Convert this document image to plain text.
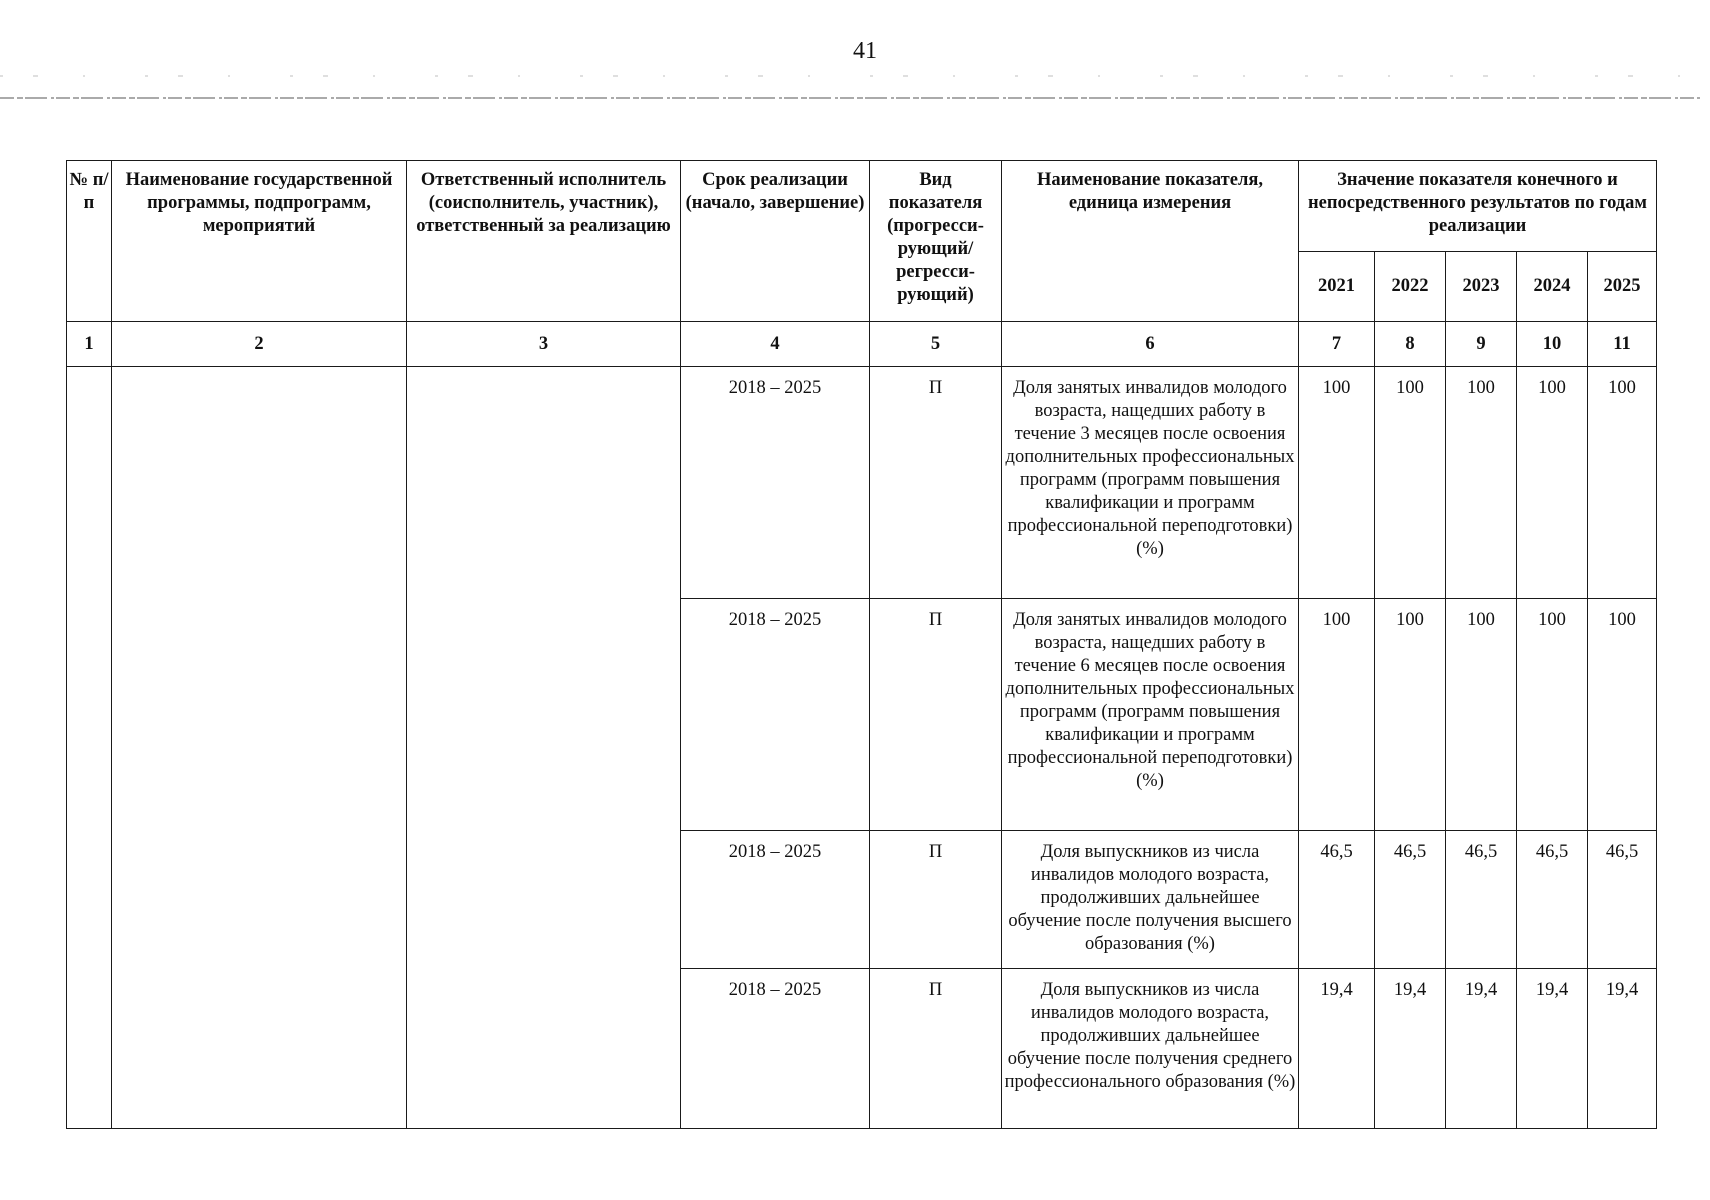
41
№ п/п	Наименование государственной программы, подпрограмм, мероприятий	Ответственный исполнитель (соисполнитель, участник), ответственный за реализацию	Срок реализации (начало, завершение)	Вид показателя (прогресси-рующий/ регресси-рующий)	Наименование показателя, единица измерения	Значение показателя конечного и непосредственного результатов по годам реализации				
						2021	2022	2023	2024	2025
1	2	3	4	5	6	7	8	9	10	11
			2018 – 2025	П	Доля занятых инвалидов молодого возраста, нащедших работу в течение 3 месяцев после освоения дополнительных профессиональных программ (программ повышения квалификации и программ профессиональной переподготовки) (%)	100	100	100	100	100
			2018 – 2025	П	Доля занятых инвалидов молодого возраста, нащедших работу в течение 6 месяцев после освоения дополнительных профессиональных программ (программ повышения квалификации и программ профессиональной переподготовки) (%)	100	100	100	100	100
			2018 – 2025	П	Доля выпускников из числа инвалидов молодого возраста, продолживших дальнейшее обучение после получения высшего образования (%)	46,5	46,5	46,5	46,5	46,5
			2018 – 2025	П	Доля выпускников из числа инвалидов молодого возраста, продолживших дальнейшее обучение после получения среднего профессионального образования (%)	19,4	19,4	19,4	19,4	19,4
